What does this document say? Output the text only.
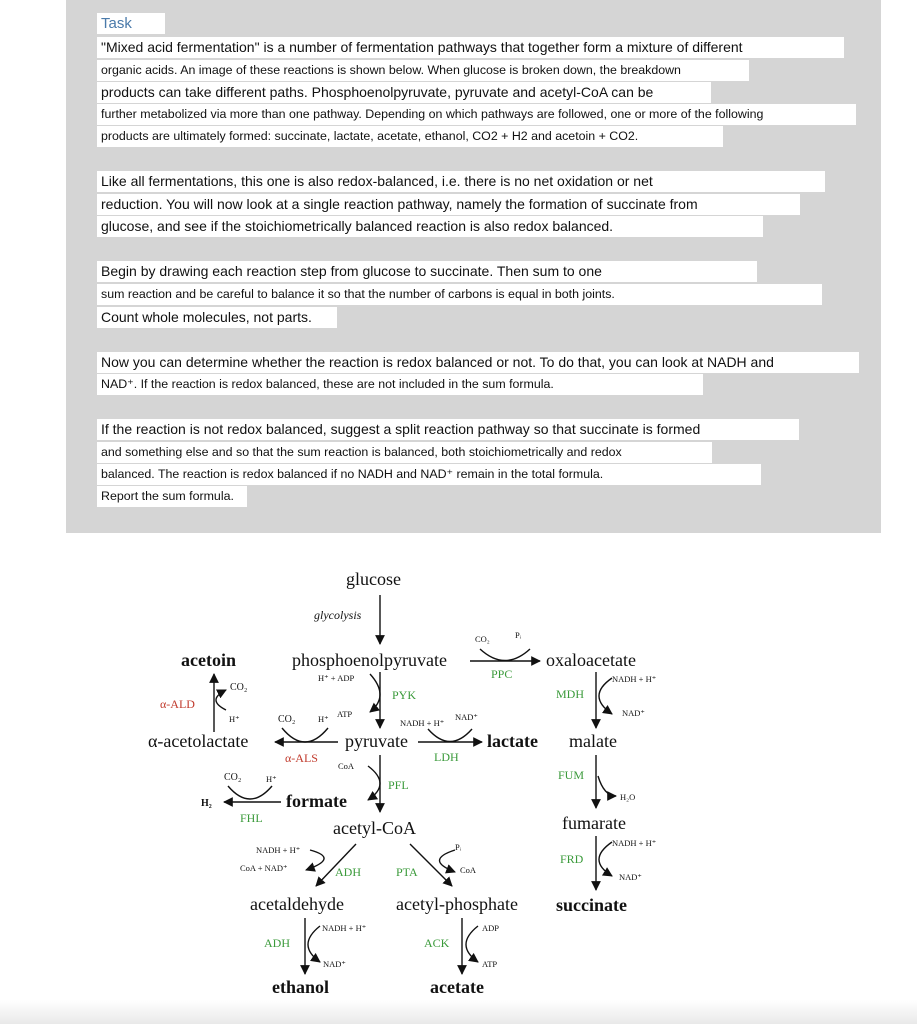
Task
"Mixed acid fermentation" is a number of fermentation pathways that together form a mixture of different
organic acids. An image of these reactions is shown below. When glucose is broken down, the breakdown
products can take different paths. Phosphoenolpyruvate, pyruvate and acetyl-CoA can be
further metabolized via more than one pathway. Depending on which pathways are followed, one or more of the following
products are ultimately formed: succinate, lactate, acetate, ethanol, CO2 + H2 and acetoin + CO2.
Like all fermentations, this one is also redox-balanced, i.e. there is no net oxidation or net
reduction. You will now look at a single reaction pathway, namely the formation of succinate from
glucose, and see if the stoichiometrically balanced reaction is also redox balanced.
Begin by drawing each reaction step from glucose to succinate. Then sum to one
sum reaction and be careful to balance it so that the number of carbons is equal in both joints.
Count whole molecules, not parts.
Now you can determine whether the reaction is redox balanced or not. To do that, you can look at NADH and
NAD⁺. If the reaction is redox balanced, these are not included in the sum formula.
If the reaction is not redox balanced, suggest a split reaction pathway so that succinate is formed
and something else and so that the sum reaction is balanced, both stoichiometrically and redox
balanced. The reaction is redox balanced if no NADH and NAD⁺ remain in the total formula.
Report the sum formula.
glucose
glycolysis
phosphoenolpyruvate	oxaloacetate
acetoin
CO₂	Pᵢ
PPC
H⁺ + ADP
ATP
PYK	MDH
NADH + H⁺
NAD⁺
α-acetolactate
CO₂
H⁺
α-ALD
pyruvate	lactate malate
CO₂	H⁺
α-ALS
NADH + H⁺
NAD⁺
LDH
FUM
H₂O
CoA
PFL
formate
H₂
CO₂	H⁺
FHL	acetyl-CoA	fumarate
NADH + H⁺
CoA + NAD⁺	ADH
Pᵢ
CoA
PTA
FRD
NADH + H⁺
NAD⁺
acetaldehyde	acetyl-phosphate succinate
ADH
NADH + H⁺
NAD⁺
ACK
ADP
ATP
ethanol	acetate
